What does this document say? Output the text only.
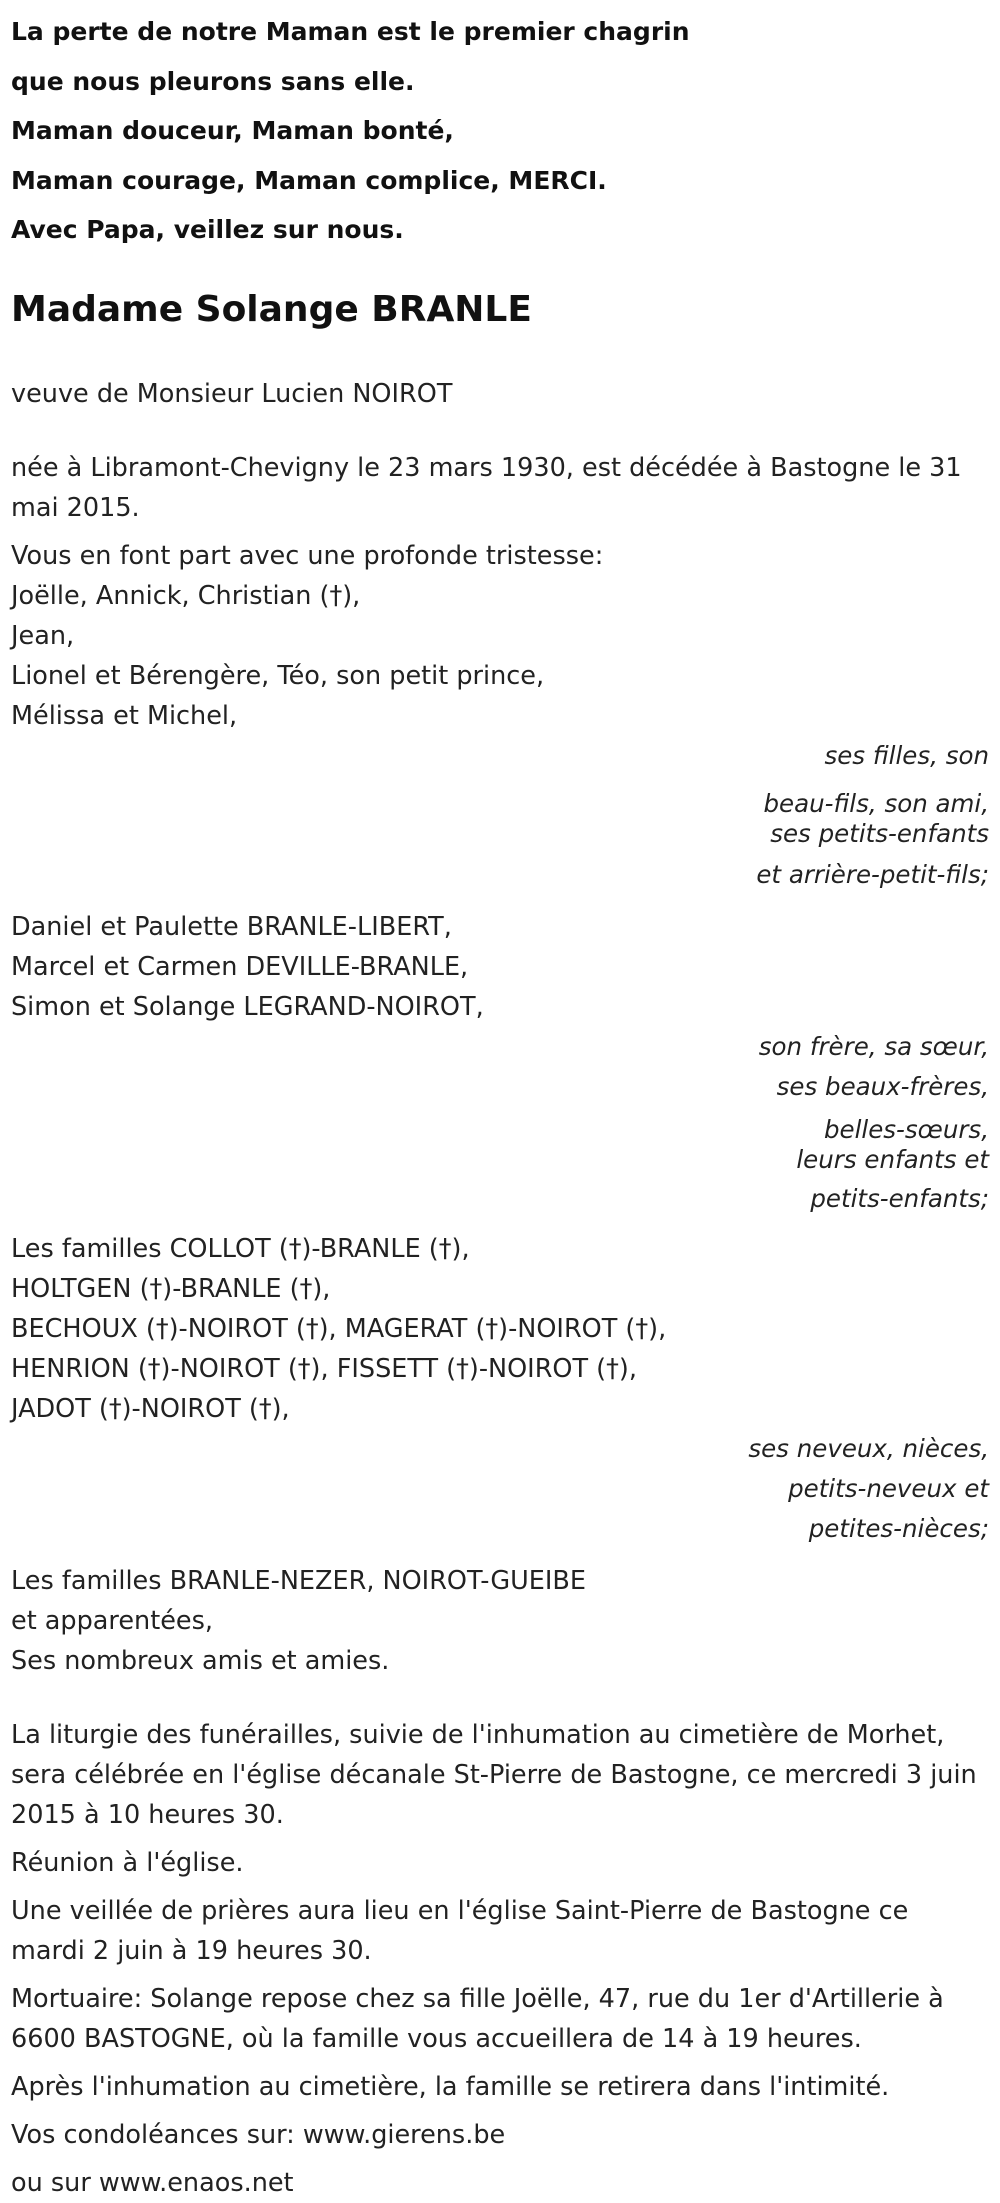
La perte de notre Maman est le premier chagrin
que nous pleurons sans elle.
Maman douceur, Maman bonté,
Maman courage, Maman complice, MERCI.
Avec Papa, veillez sur nous.
Madame Solange BRANLE
veuve de Monsieur Lucien NOIROT
née à Libramont-Chevigny le 23 mars 1930, est décédée à Bastogne le 31 mai 2015.
Vous en font part avec une profonde tristesse:
Joëlle, Annick, Christian (†),
Jean,
Lionel et Bérengère, Téo, son petit prince,
Mélissa et Michel,
ses filles, son
beau-fils, son ami,
ses petits-enfants
et arrière-petit-fils;
Daniel et Paulette BRANLE-LIBERT,
Marcel et Carmen DEVILLE-BRANLE,
Simon et Solange LEGRAND-NOIROT,
son frère, sa sœur,
ses beaux-frères,
belles-sœurs,
leurs enfants et
petits-enfants;
Les familles COLLOT (†)-BRANLE (†),
HOLTGEN (†)-BRANLE (†),
BECHOUX (†)-NOIROT (†), MAGERAT (†)-NOIROT (†),
HENRION (†)-NOIROT (†), FISSETT (†)-NOIROT (†),
JADOT (†)-NOIROT (†),
ses neveux, nièces,
petits-neveux et
petites-nièces;
Les familles BRANLE-NEZER, NOIROT-GUEIBE
et apparentées,
Ses nombreux amis et amies.
La liturgie des funérailles, suivie de l'inhumation au cimetière de Morhet, sera célébrée en l'église décanale St-Pierre de Bastogne, ce mercredi 3 juin 2015 à 10 heures 30.
Réunion à l'église.
Une veillée de prières aura lieu en l'église Saint-Pierre de Bastogne ce mardi 2 juin à 19 heures 30.
Mortuaire: Solange repose chez sa fille Joëlle, 47, rue du 1er d'Artillerie à 6600 BASTOGNE, où la famille vous accueillera de 14 à 19 heures.
Après l'inhumation au cimetière, la famille se retirera dans l'intimité.
Vos condoléances sur: www.gierens.be
ou sur www.enaos.net
